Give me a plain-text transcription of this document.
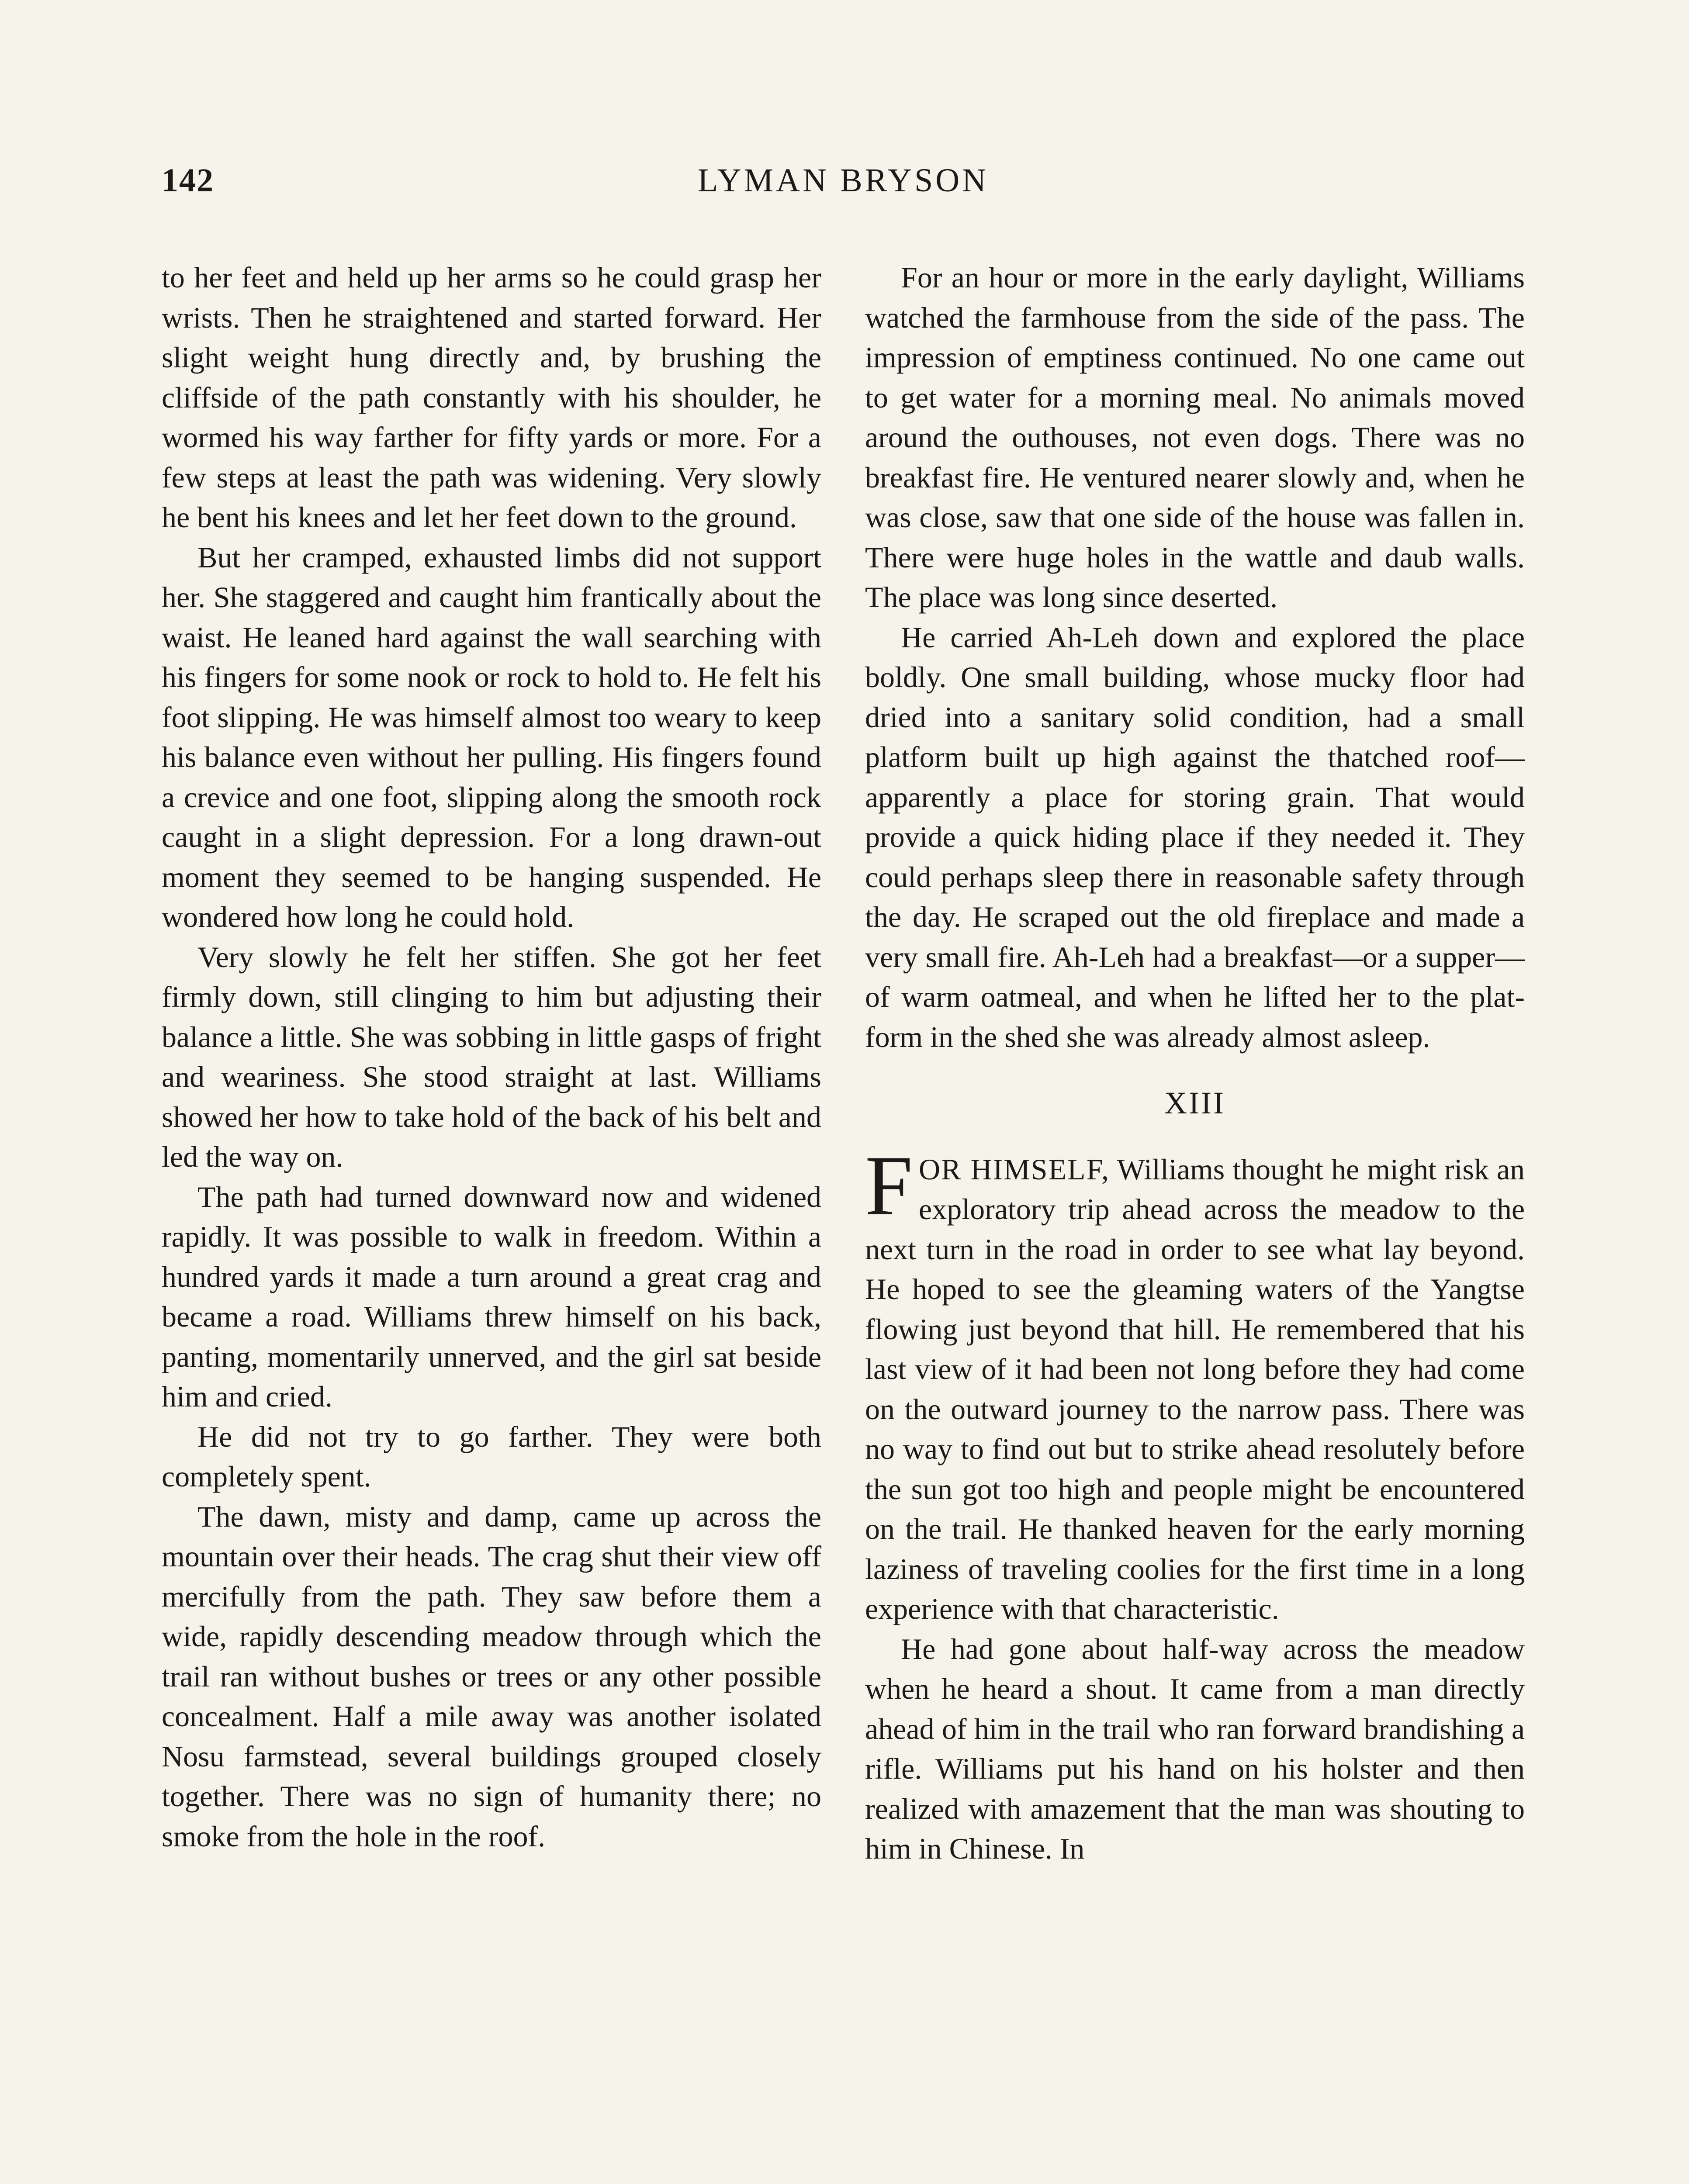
142	LYMAN BRYSON

to her feet and held up her arms so he could grasp her wrists. Then he straightened and started forward. Her slight weight hung directly and, by brushing the cliffside of the path constantly with his shoulder, he wormed his way farther for fifty yards or more. For a few steps at least the path was widening. Very slowly he bent his knees and let her feet down to the ground.

But her cramped, exhausted limbs did not support her. She staggered and caught him frantically about the waist. He leaned hard against the wall searching with his fingers for some nook or rock to hold to. He felt his foot slipping. He was himself almost too weary to keep his balance even without her pulling. His fingers found a crevice and one foot, slipping along the smooth rock caught in a slight depression. For a long drawn-out moment they seemed to be hanging suspended. He wondered how long he could hold.

Very slowly he felt her stiffen. She got her feet firmly down, still clinging to him but adjusting their balance a little. She was sobbing in little gasps of fright and weariness. She stood straight at last. Williams showed her how to take hold of the back of his belt and led the way on.

The path had turned downward now and widened rapidly. It was possible to walk in freedom. Within a hundred yards it made a turn around a great crag and became a road. Williams threw himself on his back, panting, momentarily unnerved, and the girl sat beside him and cried.

He did not try to go farther. They were both completely spent.

The dawn, misty and damp, came up across the mountain over their heads. The crag shut their view off mercifully from the path. They saw before them a wide, rapidly descending meadow through which the trail ran without bushes or trees or any other possible concealment. Half a mile away was another isolated Nosu farmstead, several buildings grouped closely together. There was no sign of humanity there; no smoke from the hole in the roof.

For an hour or more in the early daylight, Williams watched the farmhouse from the side of the pass. The impression of emptiness continued. No one came out to get water for a morning meal. No animals moved around the outhouses, not even dogs. There was no breakfast fire. He ventured nearer slowly and, when he was close, saw that one side of the house was fallen in. There were huge holes in the wattle and daub walls. The place was long since deserted.

He carried Ah-Leh down and explored the place boldly. One small building, whose mucky floor had dried into a sanitary solid condition, had a small platform built up high against the thatched roof—apparently a place for storing grain. That would provide a quick hiding place if they needed it. They could perhaps sleep there in reasonable safety through the day. He scraped out the old fireplace and made a very small fire. Ah-Leh had a breakfast—or a supper—of warm oatmeal, and when he lifted her to the platform in the shed she was already almost asleep.

XIII

FOR HIMSELF, Williams thought he might risk an exploratory trip ahead across the meadow to the next turn in the road in order to see what lay beyond. He hoped to see the gleaming waters of the Yangtse flowing just beyond that hill. He remembered that his last view of it had been not long before they had come on the outward journey to the narrow pass. There was no way to find out but to strike ahead resolutely before the sun got too high and people might be encountered on the trail. He thanked heaven for the early morning laziness of traveling coolies for the first time in a long experience with that characteristic.

He had gone about half-way across the meadow when he heard a shout. It came from a man directly ahead of him in the trail who ran forward brandishing a rifle. Williams put his hand on his holster and then realized with amazement that the man was shouting to him in Chinese. In
